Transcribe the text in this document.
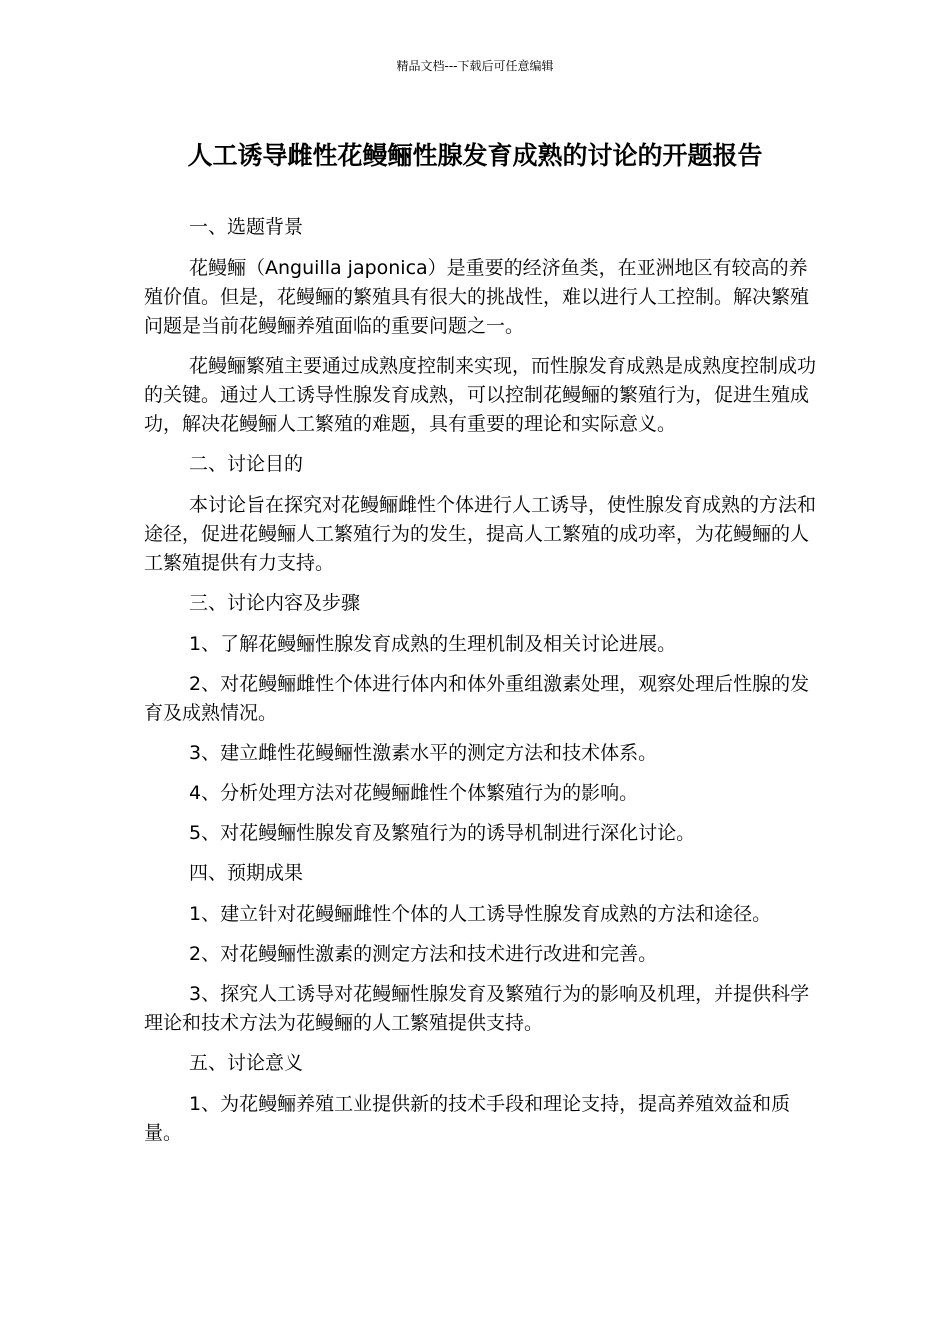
精品文档---下载后可任意编辑
人工诱导雌性花鳗鲡性腺发育成熟的讨论的开题报告

一、选题背景

花鳗鲡（Anguilla japonica）是重要的经济鱼类，在亚洲地区有较高的养殖价值。但是，花鳗鲡的繁殖具有很大的挑战性，难以进行人工控制。解决繁殖问题是当前花鳗鲡养殖面临的重要问题之一。

花鳗鲡繁殖主要通过成熟度控制来实现，而性腺发育成熟是成熟度控制成功的关键。通过人工诱导性腺发育成熟，可以控制花鳗鲡的繁殖行为，促进生殖成功，解决花鳗鲡人工繁殖的难题，具有重要的理论和实际意义。

二、讨论目的

本讨论旨在探究对花鳗鲡雌性个体进行人工诱导，使性腺发育成熟的方法和途径，促进花鳗鲡人工繁殖行为的发生，提高人工繁殖的成功率，为花鳗鲡的人工繁殖提供有力支持。

三、讨论内容及步骤

1、了解花鳗鲡性腺发育成熟的生理机制及相关讨论进展。

2、对花鳗鲡雌性个体进行体内和体外重组激素处理，观察处理后性腺的发育及成熟情况。

3、建立雌性花鳗鲡性激素水平的测定方法和技术体系。

4、分析处理方法对花鳗鲡雌性个体繁殖行为的影响。

5、对花鳗鲡性腺发育及繁殖行为的诱导机制进行深化讨论。

四、预期成果

1、建立针对花鳗鲡雌性个体的人工诱导性腺发育成熟的方法和途径。

2、对花鳗鲡性激素的测定方法和技术进行改进和完善。

3、探究人工诱导对花鳗鲡性腺发育及繁殖行为的影响及机理，并提供科学理论和技术方法为花鳗鲡的人工繁殖提供支持。

五、讨论意义

1、为花鳗鲡养殖工业提供新的技术手段和理论支持，提高养殖效益和质量。
